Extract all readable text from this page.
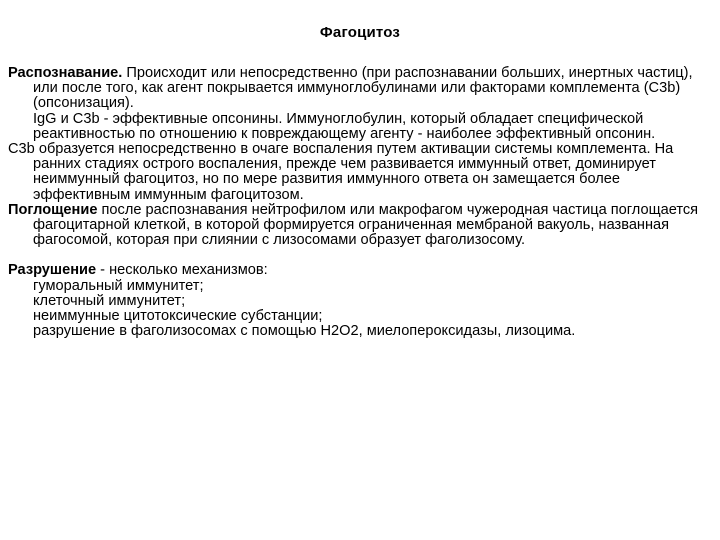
Фагоцитоз

Распознавание. Происходит или непосредственно (при распознавании больших, инертных частиц), или после того, как агент покрывается иммуноглобулинами или факторами комплемента (С3b) (опсонизация).

IgG и С3b - эффективные опсонины. Иммуноглобулин, который обладает специфической реактивностью по отношению к повреждающему агенту - наиболее эффективный опсонин.

С3b образуется непосредственно в очаге воспаления путем активации системы комплемента. На ранних стадиях острого воспаления, прежде чем развивается иммунный ответ, доминирует неиммунный фагоцитоз, но по мере развития иммунного ответа он замещается более эффективным иммунным фагоцитозом.

Поглощение после распознавания нейтрофилом или макрофагом чужеродная частица поглощается фагоцитарной клеткой, в которой формируется ограниченная мембраной вакуоль, названная фагосомой, которая при слиянии с лизосомами образует фаголизосому.

Разрушение - несколько механизмов:

гуморальный иммунитет;

клеточный иммунитет;

неиммунные цитотоксические субстанции;

разрушение в фаголизосомах с помощью Н2О2, миелопероксидазы, лизоцима.
